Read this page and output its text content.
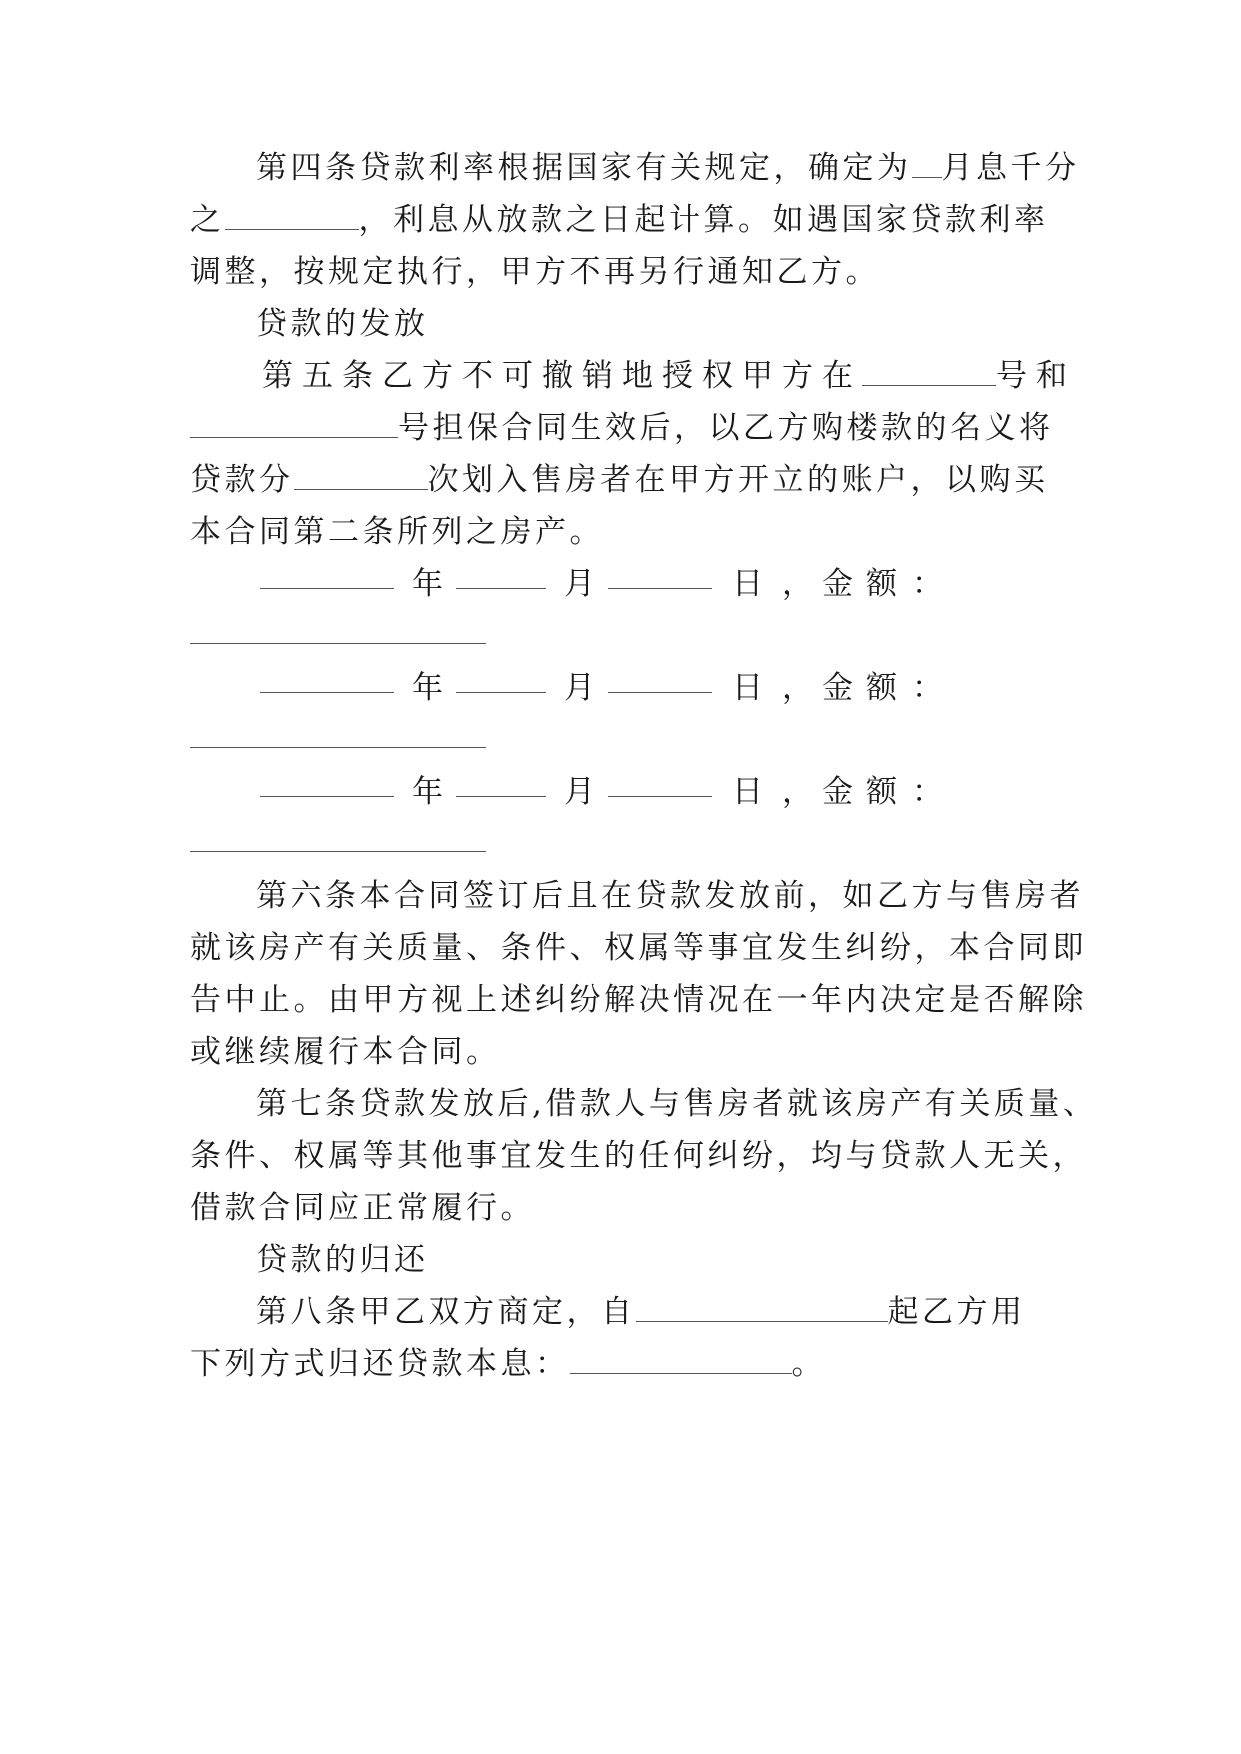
第四条贷款利率根据国家有关规定，确定为 月息千分
之	，利息从放款之日起计算。如遇国家贷款利率
调整，按规定执行，甲方不再另行通知乙方。
贷款的发放
第五条乙方不可撤销地授权甲方在	号和
号担保合同生效后，以乙方购楼款的名义将
贷款分	次划入售房者在甲方开立的账户，以购买
本合同第二条所列之房产。
年	月	日 ， 金 额 ：
年	月	日 ， 金 额 ：
年	月	日 ， 金 额 ：
第六条本合同签订后且在贷款发放前，如乙方与售房者
就该房产有关质量、条件、权属等事宜发生纠纷，本合同即
告中止。由甲方视上述纠纷解决情况在一年内决定是否解除
或继续履行本合同。
第七条贷款发放后,借款人与售房者就该房产有关质量、
条件、权属等其他事宜发生的任何纠纷，均与贷款人无关，
借款合同应正常履行。
贷款的归还
第八条甲乙双方商定，自	起乙方用
下列方式归还贷款本息：	。
